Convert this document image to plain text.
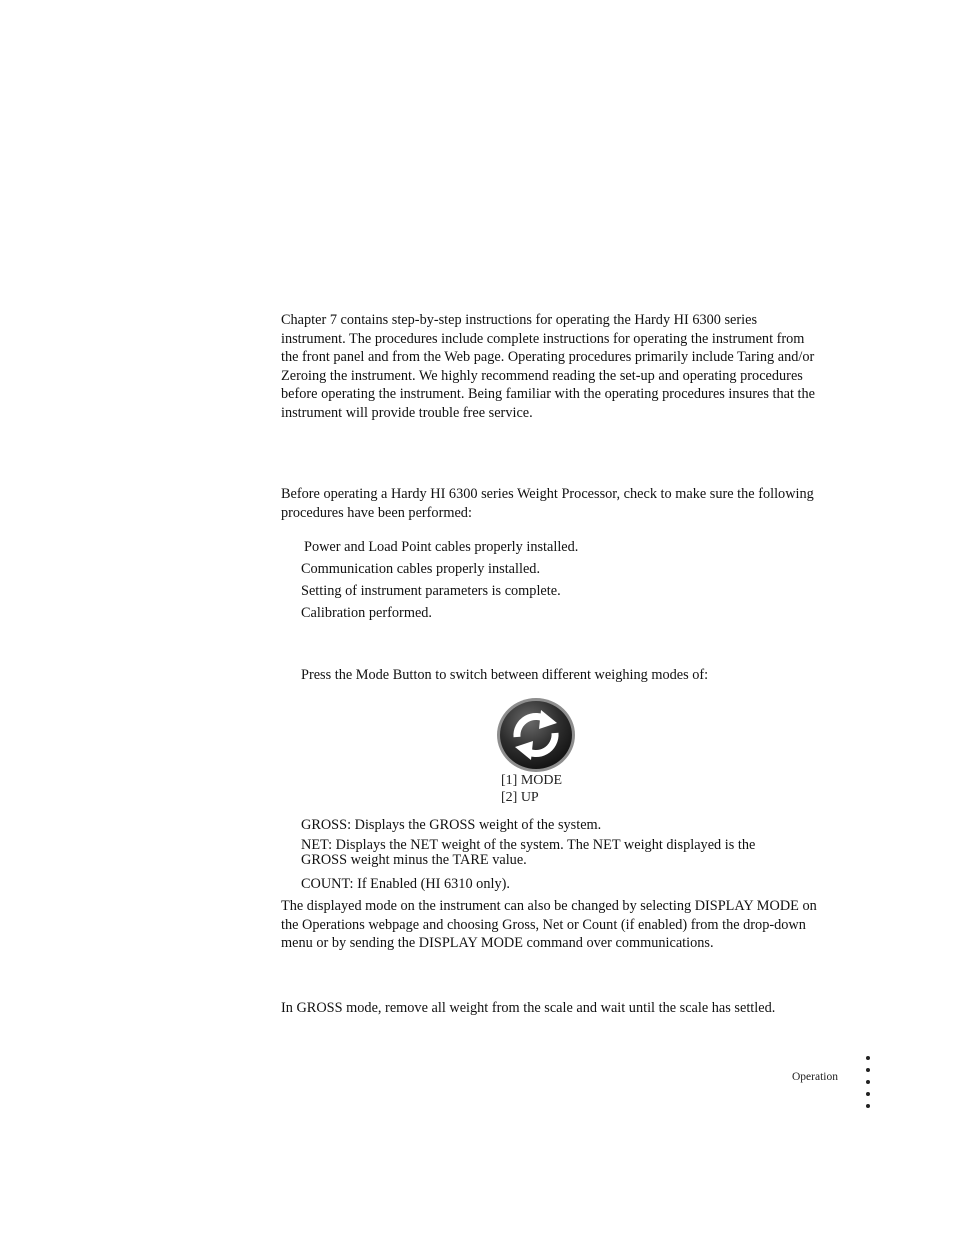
Chapter 7 contains step-by-step instructions for operating the Hardy HI 6300 series instrument. The procedures include complete instructions for operating the instrument from the front panel and from the Web page. Operating procedures primarily include Taring and/or Zeroing the instrument. We highly recommend reading the set-up and operating procedures before operating the instrument. Being familiar with the operating procedures insures that the instrument will provide trouble free service.

Before operating a Hardy HI 6300 series Weight Processor, check to make sure the following procedures have been performed:

Power and Load Point cables properly installed.

Communication cables properly installed.

Setting of instrument parameters is complete.

Calibration performed.

Press the Mode Button to switch between different weighing modes of:

[1] MODE
[2] UP

GROSS: Displays the GROSS weight of the system.

NET: Displays the NET weight of the system. The NET weight displayed is the GROSS weight minus the TARE value.

COUNT: If Enabled (HI 6310 only).

The displayed mode on the instrument can also be changed by selecting DISPLAY MODE on the Operations webpage and choosing Gross, Net or Count (if enabled) from the drop-down menu or by sending the DISPLAY MODE command over communications.

In GROSS mode, remove all weight from the scale and wait until the scale has settled.

Operation
